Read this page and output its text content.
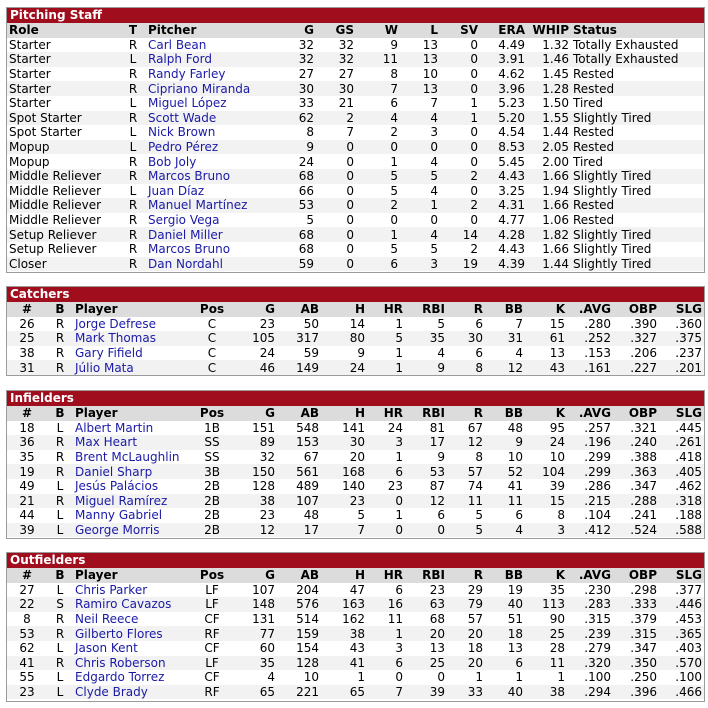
Pitching Staff
Role	T	Pitcher	G	GS	W	L	SV	ERA	WHIP	Status
Starter	R	Carl Bean	32	32	9	13	0	4.49	1.32	Totally Exhausted
Starter	L	Ralph Ford	32	32	11	13	0	3.91	1.46	Totally Exhausted
Starter	R	Randy Farley	27	27	8	10	0	4.62	1.45	Rested
Starter	R	Cipriano Miranda	30	30	7	13	0	3.96	1.28	Rested
Starter	L	Miguel López	33	21	6	7	1	5.23	1.50	Tired
Spot Starter	R	Scott Wade	62	2	4	4	1	5.20	1.55	Slightly Tired
Spot Starter	L	Nick Brown	8	7	2	3	0	4.54	1.44	Rested
Mopup	L	Pedro Pérez	9	0	0	0	0	8.53	2.05	Rested
Mopup	R	Bob Joly	24	0	1	4	0	5.45	2.00	Tired
Middle Reliever	R	Marcos Bruno	68	0	5	5	2	4.43	1.66	Slightly Tired
Middle Reliever	L	Juan Díaz	66	0	5	4	0	3.25	1.94	Slightly Tired
Middle Reliever	R	Manuel Martínez	53	0	2	1	2	4.31	1.66	Rested
Middle Reliever	R	Sergio Vega	5	0	0	0	0	4.77	1.06	Rested
Setup Reliever	R	Daniel Miller	68	0	1	4	14	4.28	1.82	Slightly Tired
Setup Reliever	R	Marcos Bruno	68	0	5	5	2	4.43	1.66	Slightly Tired
Closer	R	Dan Nordahl	59	0	6	3	19	4.39	1.44	Slightly Tired
Catchers
#	B	Player	Pos	G	AB	H	HR	RBI	R	BB	K	.AVG	OBP	SLG
26	R	Jorge Defrese	C	23	50	14	1	5	6	7	15	.280	.390	.360
25	R	Mark Thomas	C	105	317	80	5	35	30	31	61	.252	.327	.375
38	R	Gary Fifield	C	24	59	9	1	4	6	4	13	.153	.206	.237
31	R	Júlio Mata	C	46	149	24	1	9	8	12	43	.161	.227	.201
Infielders
#	B	Player	Pos	G	AB	H	HR	RBI	R	BB	K	.AVG	OBP	SLG
18	L	Albert Martin	1B	151	548	141	24	81	67	48	95	.257	.321	.445
36	R	Max Heart	SS	89	153	30	3	17	12	9	24	.196	.240	.261
35	R	Brent McLaughlin	SS	32	67	20	1	9	8	10	10	.299	.388	.418
19	R	Daniel Sharp	3B	150	561	168	6	53	57	52	104	.299	.363	.405
49	L	Jesús Palácios	2B	128	489	140	23	87	74	41	39	.286	.347	.462
21	R	Miguel Ramírez	2B	38	107	23	0	12	11	11	15	.215	.288	.318
44	L	Manny Gabriel	2B	23	48	5	1	6	5	6	8	.104	.241	.188
39	L	George Morris	2B	12	17	7	0	0	5	4	3	.412	.524	.588
Outfielders
#	B	Player	Pos	G	AB	H	HR	RBI	R	BB	K	.AVG	OBP	SLG
27	L	Chris Parker	LF	107	204	47	6	23	29	19	35	.230	.298	.377
22	S	Ramiro Cavazos	LF	148	576	163	16	63	79	40	113	.283	.333	.446
8	R	Neil Reece	CF	131	514	162	11	68	57	51	90	.315	.379	.453
53	R	Gilberto Flores	RF	77	159	38	1	20	20	18	25	.239	.315	.365
62	L	Jason Kent	CF	60	154	43	3	13	18	13	28	.279	.347	.403
41	R	Chris Roberson	LF	35	128	41	6	25	20	6	11	.320	.350	.570
55	L	Edgardo Torrez	CF	4	10	1	0	0	1	1	1	.100	.250	.100
23	L	Clyde Brady	RF	65	221	65	7	39	33	40	38	.294	.396	.466
